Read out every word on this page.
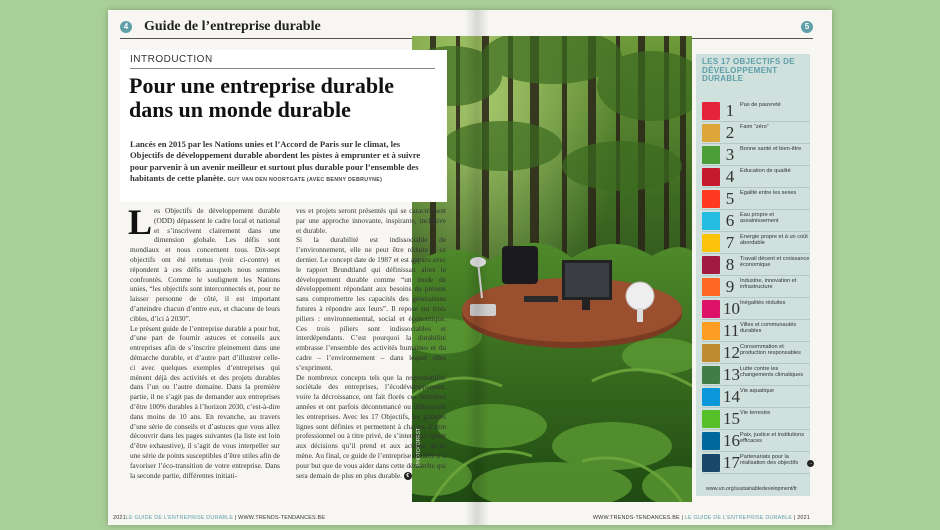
4 Guide de l’entreprise durable	5
PHOTOFOREST
INTRODUCTION
Pour une entreprise durable dans un monde durable

Lancés en 2015 par les Nations unies et l’Accord de Paris sur le climat, les Objectifs de développement durable abordent les pistes à emprunter et à suivre pour parvenir à un avenir meilleur et surtout plus durable pour l’ensemble des habitants de cette planète. GUY VAN DEN NOORTGATE (AVEC BENNY DEBRUYNE)

Les Objectifs de développement durable (ODD) dépassent le cadre local et national et s’inscrivent clairement dans une dimension globale. Les défis sont mondiaux et nous concernent tous. Dix-sept objectifs ont été retenus (voir ci-contre) et répondent à ces défis auxquels nous sommes confrontés. Comme le soulignent les Nations unies, “les objectifs sont interconnectés et, pour ne laisser personne de côté, il est important d’atteindre chacun d’entre eux, et chacune de leurs cibles, d’ici à 2030”.

Le présent guide de l’entreprise durable a pour but, d’une part de fournir astuces et conseils aux entreprises afin de s’inscrire pleinement dans une démarche durable, et d’autre part d’illustrer celle-ci avec quelques exemples d’entreprises qui mènent déjà des activités et des projets durables dans l’un ou l’autre domaine. Dans la première partie, il ne s’agit pas de demander aux entreprises d’être 100% durables à l’horizon 2030, c’est-à-dire dans moins de 10 ans. En revanche, au travers d’une série de conseils et d’astuces que vous allez découvrir dans les pages suivantes (la liste est loin d’être exhaustive), il s’agit de vous interpeller sur une série de points susceptibles d’être utiles afin de favoriser l’éco-transition de votre entreprise. Dans la seconde partie, différentes initiati-

ves et projets seront présentés qui se caractérisent par une approche innovante, inspirante, inclusive et durable.

Si la durabilité est indissociable de l’environnement, elle ne peut être réduite à ce dernier. Le concept date de 1987 et est apparu avec le rapport Brundtland qui définissait alors le développement durable comme “un mode de développement répondant aux besoins du présent sans compromettre les capacités des générations futures à répondre aux leurs”. Il repose sur trois piliers : environnemental, social et économique. Ces trois piliers sont indissociables et interdépendants. C’est pourquoi la durabilité embrasse l’ensemble des activités humaines et du cadre – l’environnement – dans lequel elles s’expriment.

De nombreux concepts tels que la responsabilité sociétale des entreprises, l’écodéveloppement, voire la décroissance, ont fait florès ces dernières années et ont parfois décontenancé ou déboussolé les entreprises. Avec les 17 Objectifs, les grandes lignes sont définies et permettent à chacun, à titre professionnel ou à titre privé, de s’interroger quant aux décisions qu’il prend et aux actions qu’ils mène. Au final, ce guide de l’entreprise durable n’a pour but que de vous aider dans cette démarche qui sera demain de plus en plus durable. €

LES 17 OBJECTIFS DE DÉVELOPPEMENT DURABLE

1	Pas de pauvreté
2	Faim “zéro”
3	Bonne santé et bien-être
4	Education de qualité
5	Egalité entre les sexes
6	Eau propre et assainissement
7	Energie propre et à un coût abordable
8	Travail décent et croissance économique
9	Industrie, innovation et infrastructure
10 Inégalités réduites
11 Villes et communautés durables
12 Consommation et production responsables
13 Lutte contre les changements climatiques
14 Vie aquatique
15 Vie terrestre
16 Paix, justice et institutions efficaces
17 Partenariats pour la réalisation des objectifs	→
www.un.org/sustainabledevelopment/fr
2021LE GUIDE DE L’ENTREPRISE DURABLE | WWW.TRENDS-TENDANCES.BE	WWW.TRENDS-TENDANCES.BE | LE GUIDE DE L’ENTREPRISE DURABLE | 2021
